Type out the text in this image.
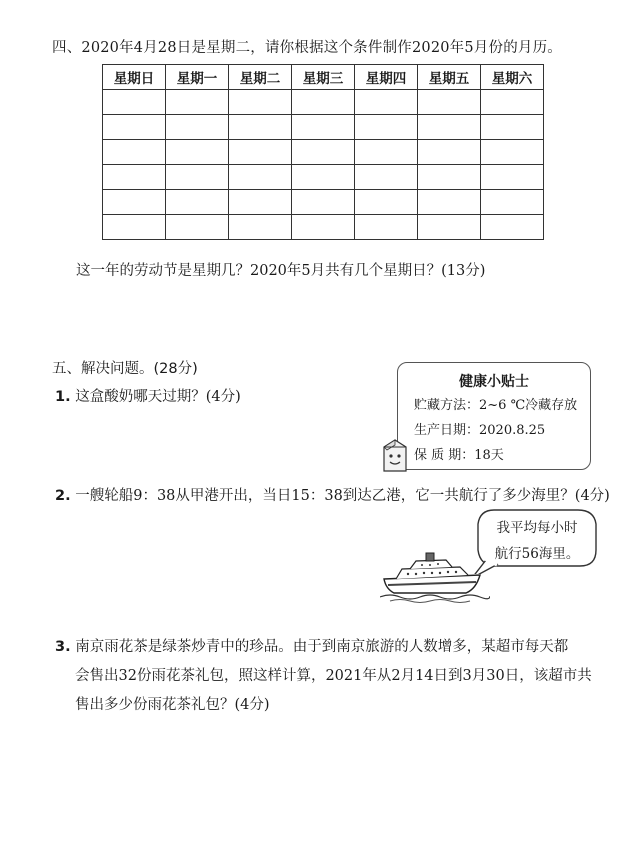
四、2020年4月28日是星期二，请你根据这个条件制作2020年5月份的月历。
星期日	星期一	星期二	星期三	星期四	星期五	星期六

这一年的劳动节是星期几？2020年5月共有几个星期日？(13分)
五、解决问题。(28分)
1. 这盒酸奶哪天过期？(4分)
健康小贴士
贮藏方法：2~6 ℃冷藏存放
生产日期：2020.8.25
保 质 期：18天
2. 一艘轮船9：38从甲港开出，当日15：38到达乙港，它一共航行了多少海里？(4分)
我平均每小时
航行56海里。
3. 南京雨花茶是绿茶炒青中的珍品。由于到南京旅游的人数增多，某超市每天都
会售出32份雨花茶礼包，照这样计算，2021年从2月14日到3月30日，该超市共
售出多少份雨花茶礼包？(4分)
